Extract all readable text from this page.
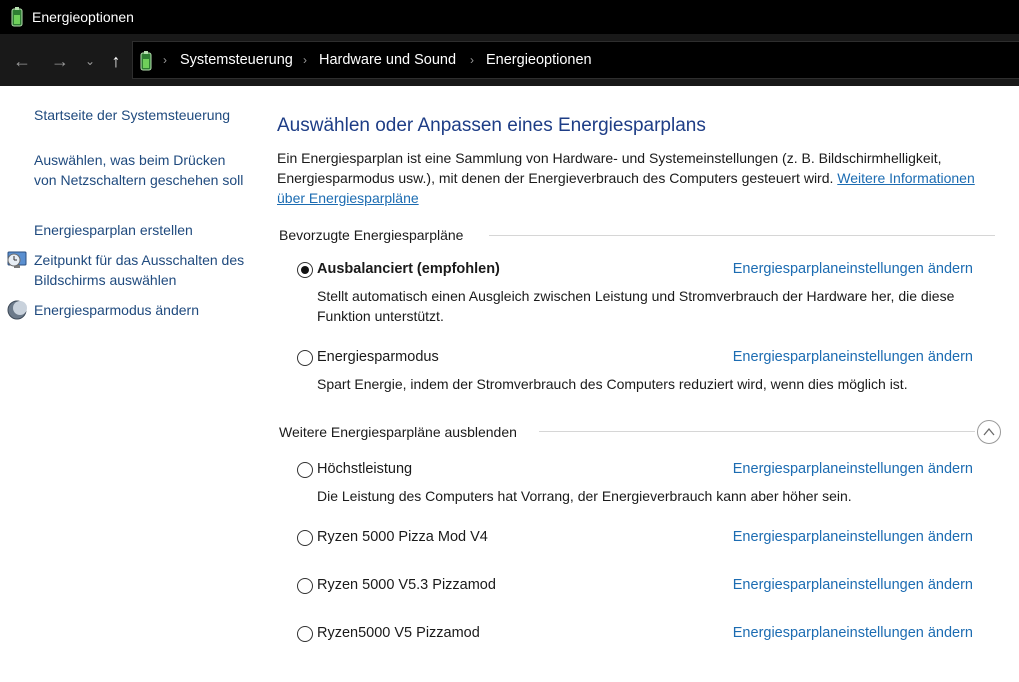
Energieoptionen
← → ⌄ ↑	› Systemsteuerung › Hardware und Sound › Energieoptionen
Startseite der Systemsteuerung
Auswählen, was beim Drücken von Netzschaltern geschehen soll
Energiesparplan erstellen
Zeitpunkt für das Ausschalten des Bildschirms auswählen
Energiesparmodus ändern
Auswählen oder Anpassen eines Energiesparplans
Ein Energiesparplan ist eine Sammlung von Hardware- und Systemeinstellungen (z. B. Bildschirmhelligkeit, Energiesparmodus usw.), mit denen der Energieverbrauch des Computers gesteuert wird. Weitere Informationen über Energiesparpläne
Bevorzugte Energiesparpläne
Ausbalanciert (empfohlen)	Energiesparplaneinstellungen ändern
Stellt automatisch einen Ausgleich zwischen Leistung und Stromverbrauch der Hardware her, die diese Funktion unterstützt.
Energiesparmodus	Energiesparplaneinstellungen ändern
Spart Energie, indem der Stromverbrauch des Computers reduziert wird, wenn dies möglich ist.
Weitere Energiesparpläne ausblenden
Höchstleistung	Energiesparplaneinstellungen ändern
Die Leistung des Computers hat Vorrang, der Energieverbrauch kann aber höher sein.
Ryzen 5000 Pizza Mod V4	Energiesparplaneinstellungen ändern
Ryzen 5000 V5.3 Pizzamod	Energiesparplaneinstellungen ändern
Ryzen5000 V5 Pizzamod	Energiesparplaneinstellungen ändern
